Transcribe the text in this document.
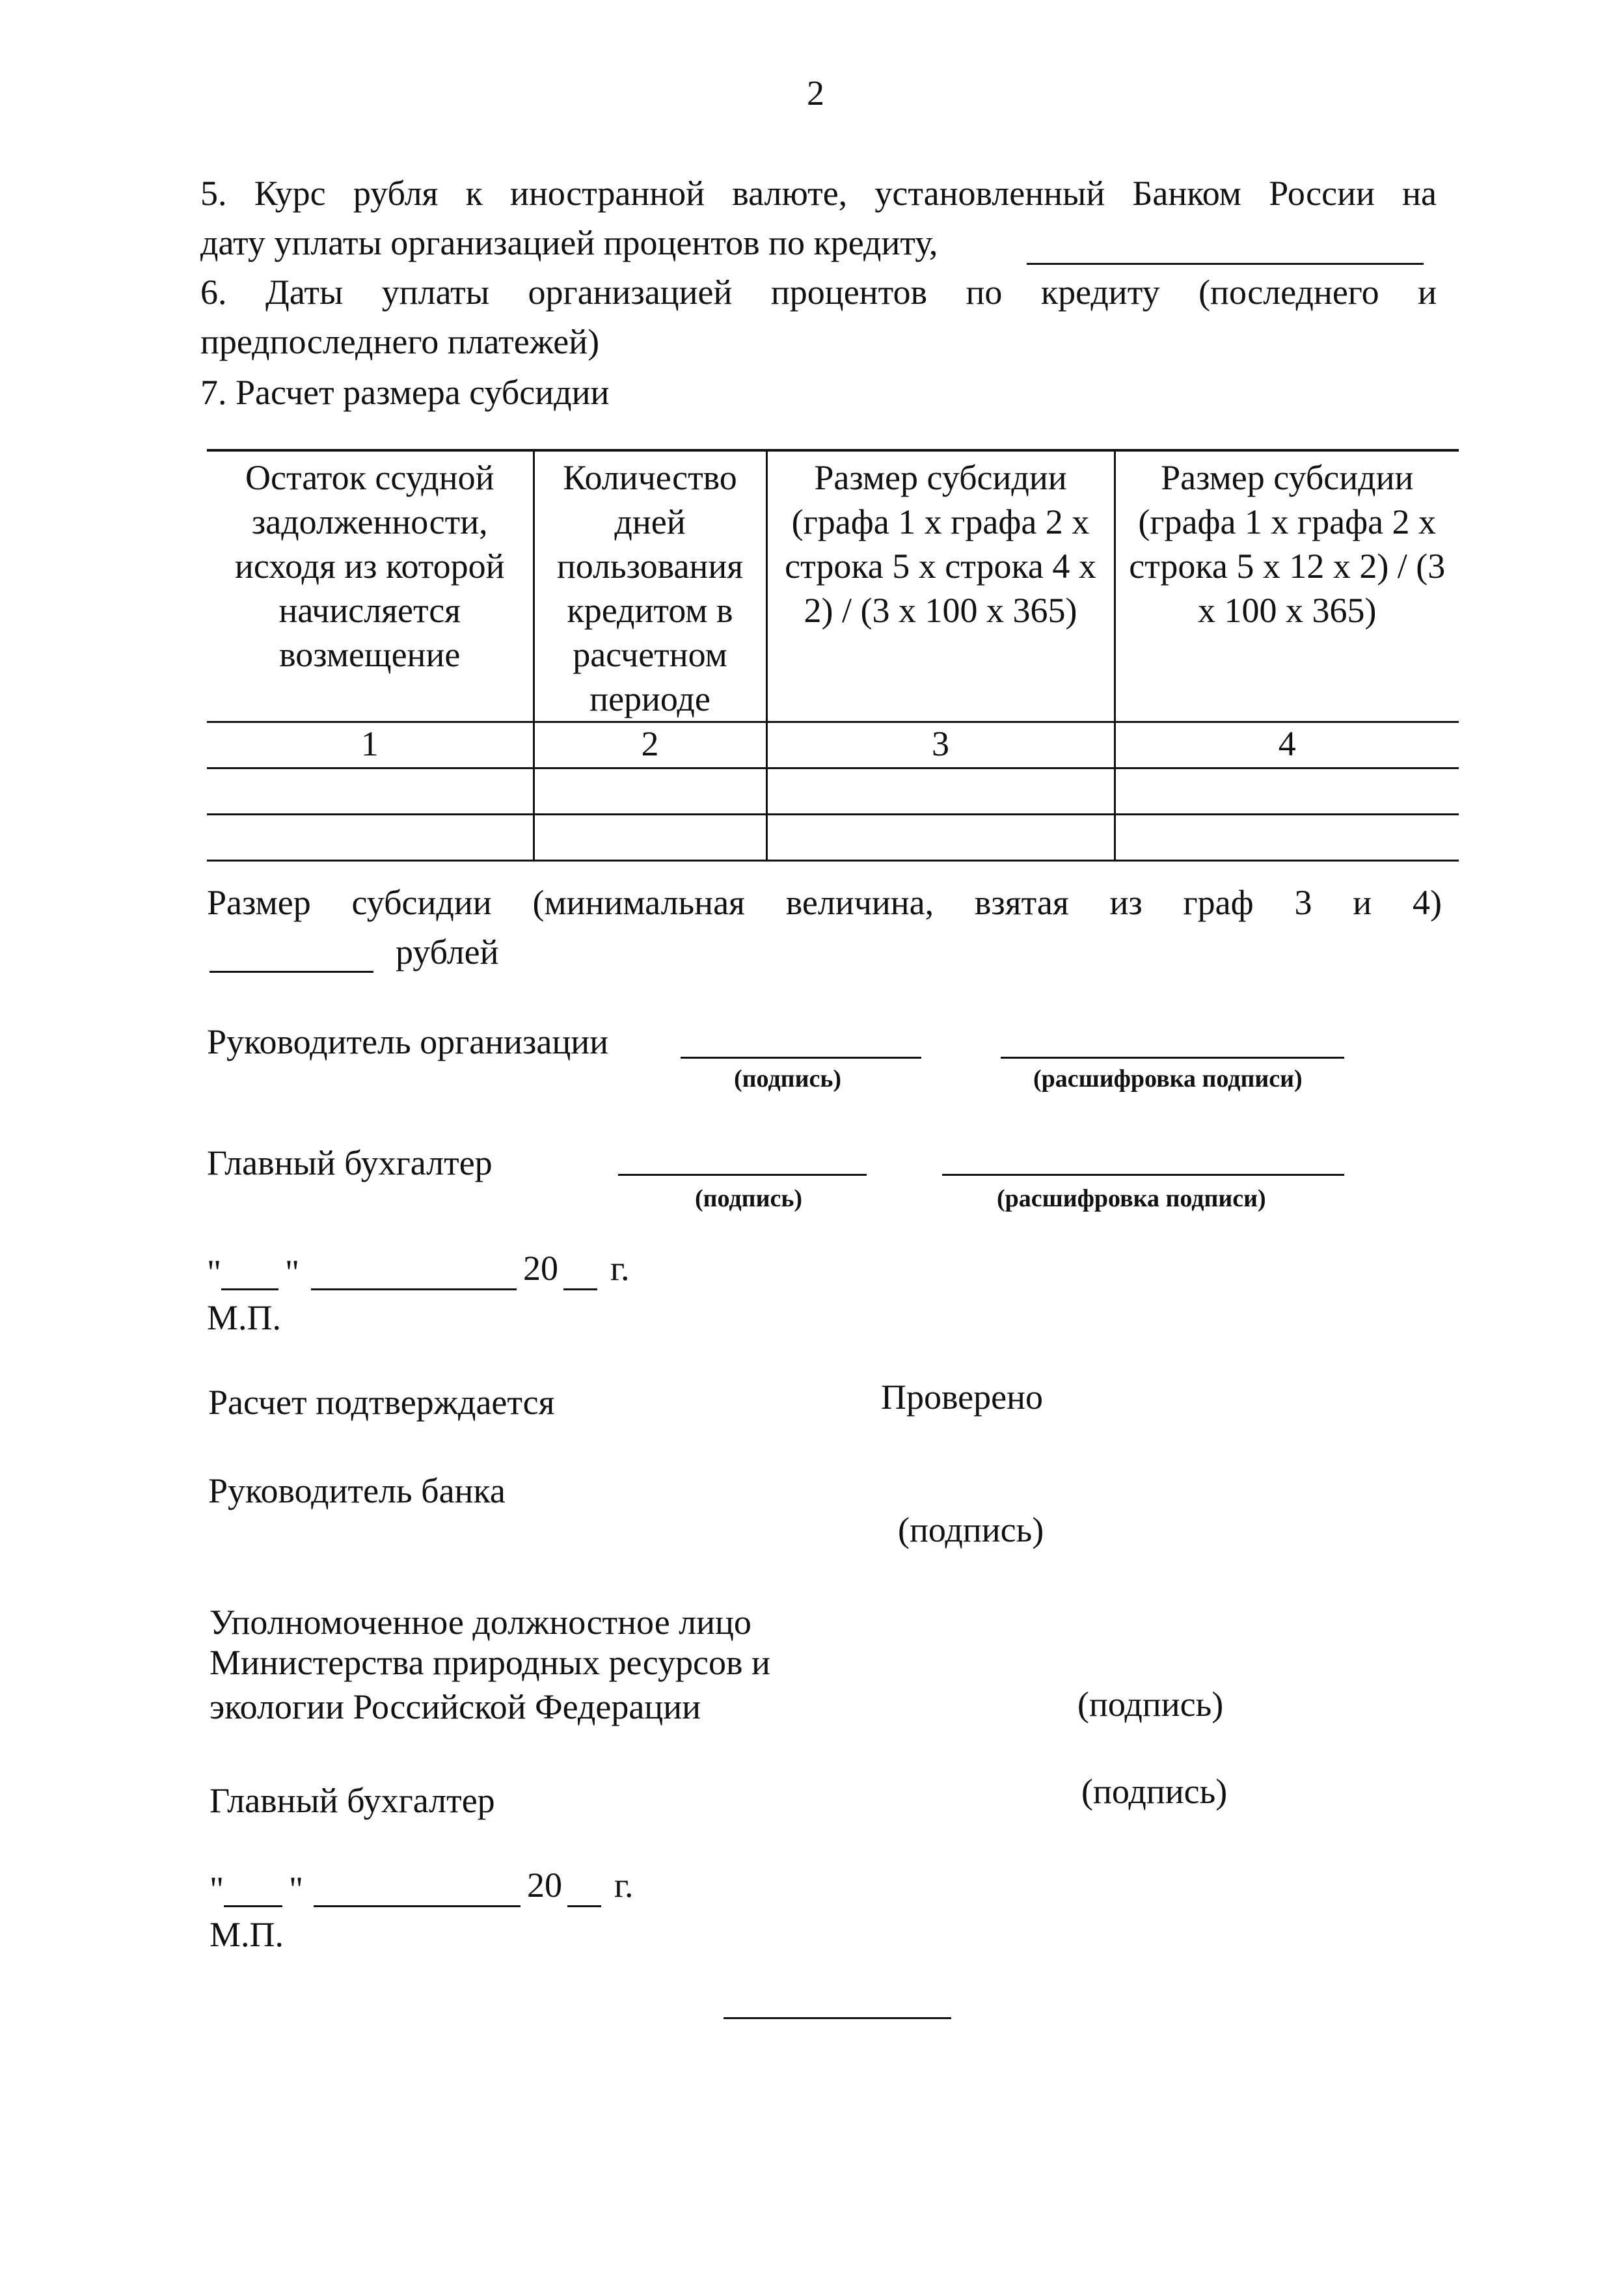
2
5. Курс рубля к иностранной валюте, установленный Банком России на
дату уплаты организацией процентов по кредиту,
6. Даты уплаты организацией процентов по кредиту (последнего и
предпоследнего платежей)
7. Расчет размера субсидии
Остаток ссудной задолженности, исходя из которой начисляется возмещение	Количество дней пользования кредитом в расчетном периоде	Размер субсидии (графа 1 х графа 2 х строка 5 х строка 4 х 2) / (3 х 100 х 365)	Размер субсидии (графа 1 х графа 2 х строка 5 х 12 х 2) / (3 х 100 х 365)
1	2	3	4

Размер субсидии (минимальная величина, взятая из граф 3 и 4)
рублей
Руководитель организации
(подпись)	(расшифровка подписи)
Главный бухгалтер
(подпись)	(расшифровка подписи)
" "	20 г.
М.П.
Расчет подтверждается	Проверено
Руководитель банка
(подпись)
Уполномоченное должностное лицо
Министерства природных ресурсов и
экологии Российской Федерации	(подпись)
Главный бухгалтер	(подпись)
" "	20 г.
М.П.
